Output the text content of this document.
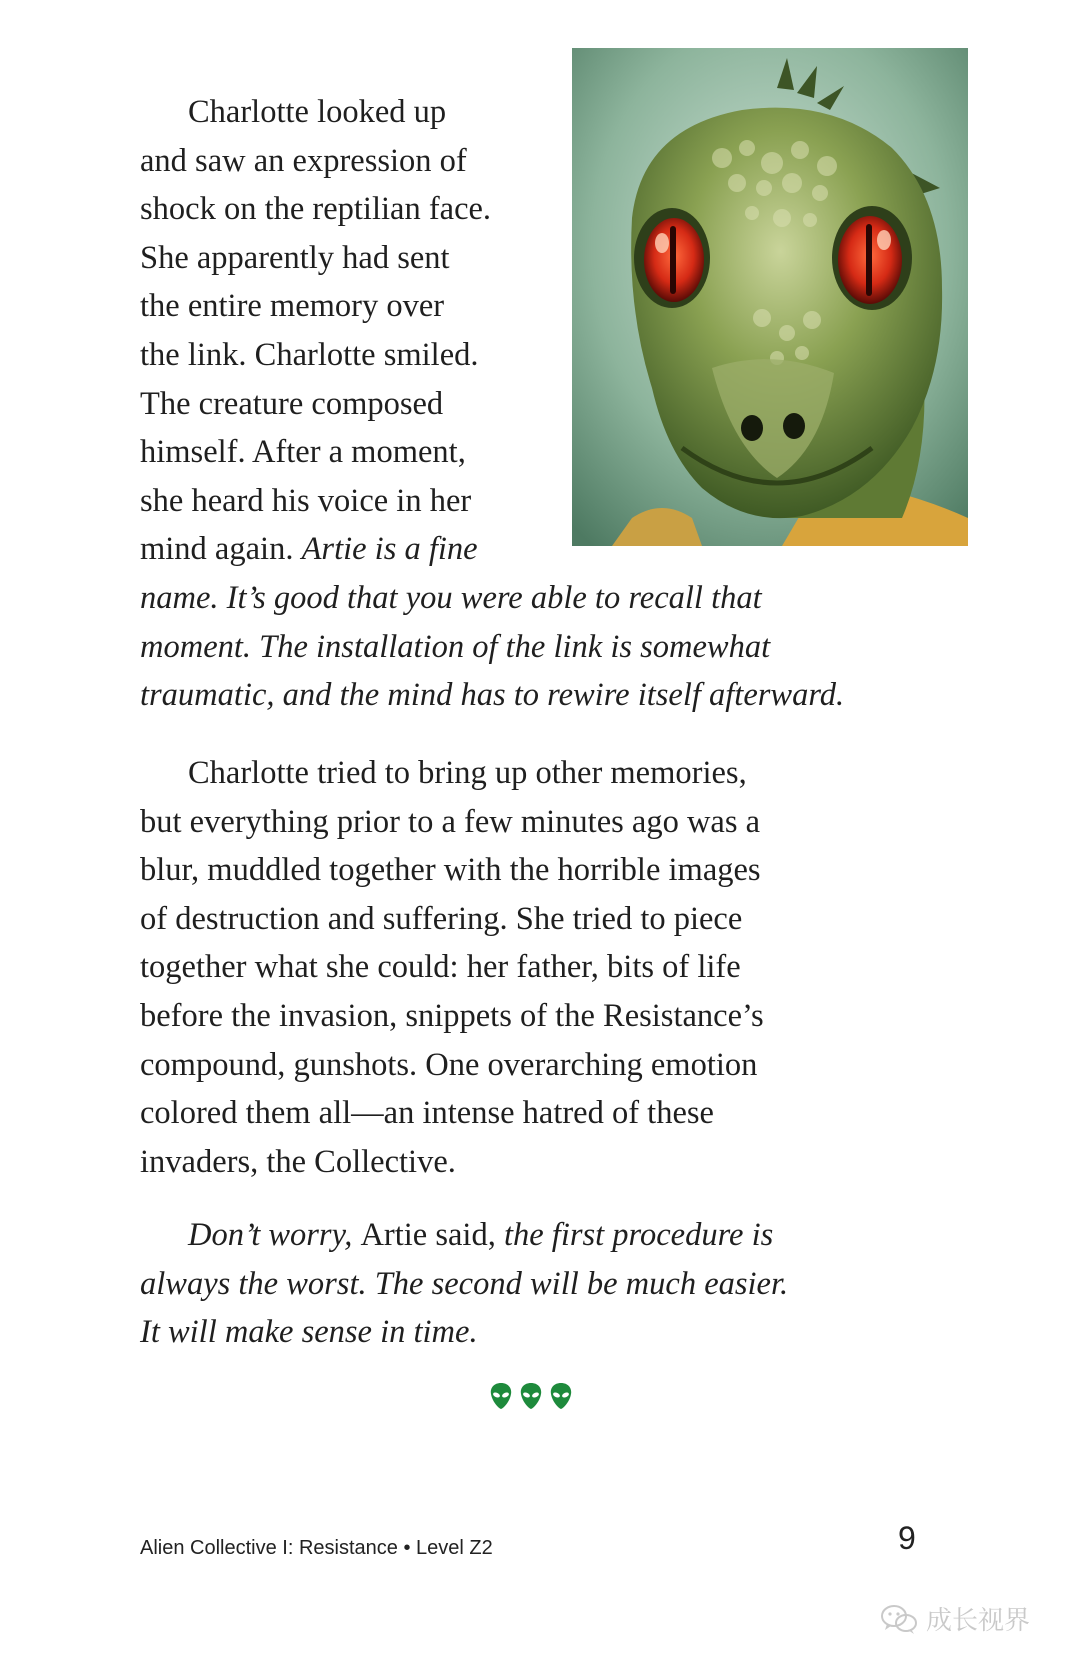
Charlotte looked up
and saw an expression of
shock on the reptilian face.
She apparently had sent
the entire memory over
the link. Charlotte smiled.
The creature composed
himself. After a moment,
she heard his voice in her
mind again. Artie is a fine
name. It’s good that you were able to recall that
moment. The installation of the link is somewhat
traumatic, and the mind has to rewire itself afterward.

Charlotte tried to bring up other memories,
but everything prior to a few minutes ago was a
blur, muddled together with the horrible images
of destruction and suffering. She tried to piece
together what she could: her father, bits of life
before the invasion, snippets of the Resistance’s
compound, gunshots. One overarching emotion
colored them all—an intense hatred of these
invaders, the Collective.

Don’t worry, Artie said, the first procedure is
always the worst. The second will be much easier.
It will make sense in time.

Alien Collective I: Resistance • Level Z2	9
成长视界
